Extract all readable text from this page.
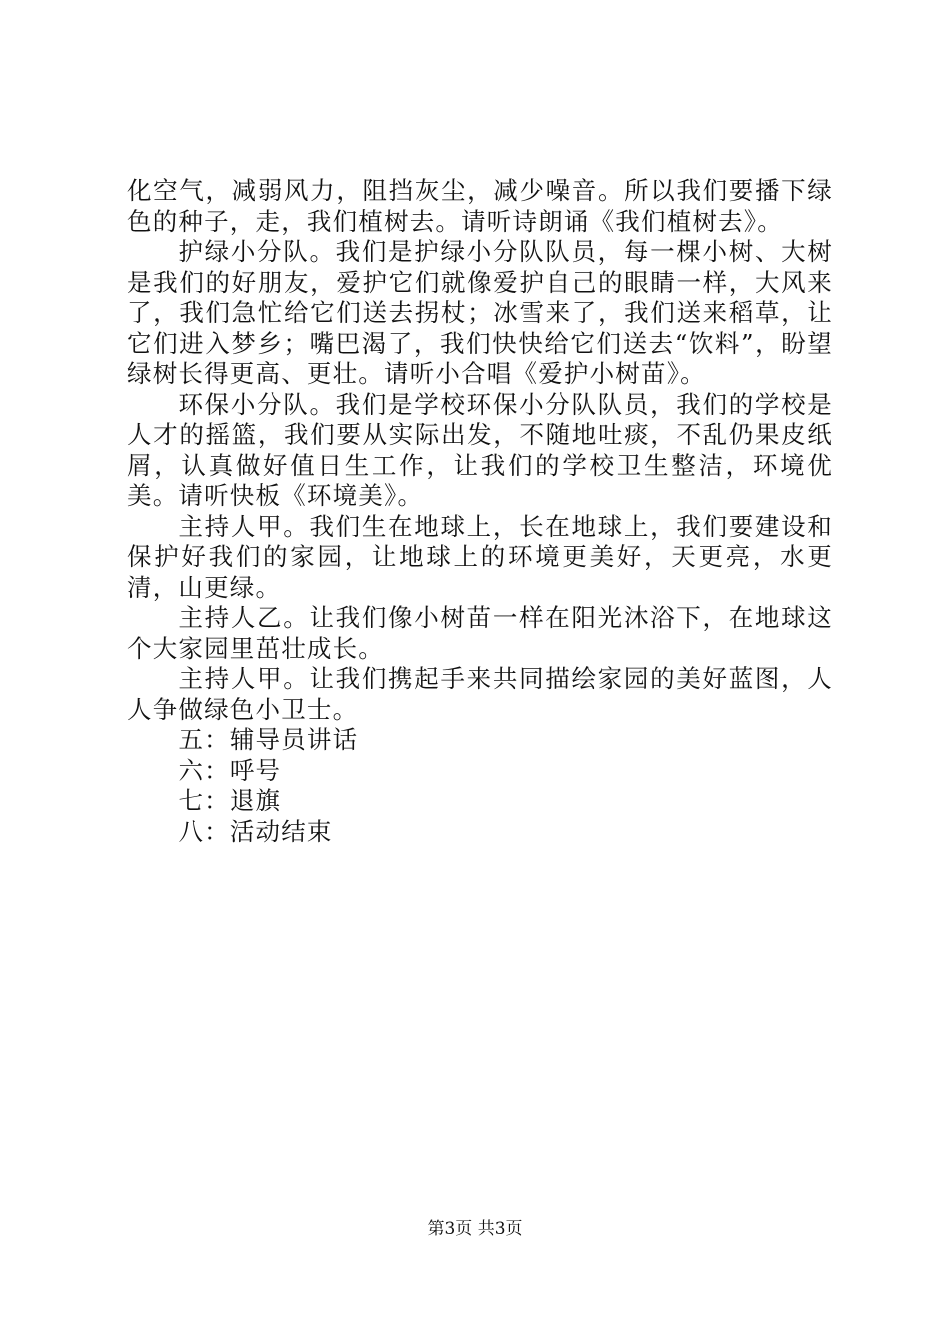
化空气，减弱风力，阻挡灰尘，减少噪音。所以我们要播下绿色的种子，走，我们植树去。请听诗朗诵《我们植树去》。

护绿小分队。我们是护绿小分队队员，每一棵小树、大树是我们的好朋友，爱护它们就像爱护自己的眼睛一样，大风来了，我们急忙给它们送去拐杖；冰雪来了，我们送来稻草，让它们进入梦乡；嘴巴渴了，我们快快给它们送去“饮料”，盼望绿树长得更高、更壮。请听小合唱《爱护小树苗》。

环保小分队。我们是学校环保小分队队员，我们的学校是人才的摇篮，我们要从实际出发，不随地吐痰，不乱仍果皮纸屑，认真做好值日生工作，让我们的学校卫生整洁，环境优美。请听快板《环境美》。

主持人甲。我们生在地球上，长在地球上，我们要建设和保护好我们的家园，让地球上的环境更美好，天更亮，水更清，山更绿。

主持人乙。让我们像小树苗一样在阳光沐浴下，在地球这个大家园里茁壮成长。

主持人甲。让我们携起手来共同描绘家园的美好蓝图，人人争做绿色小卫士。

五：辅导员讲话

六：呼号

七：退旗

八：活动结束

第3页 共3页
